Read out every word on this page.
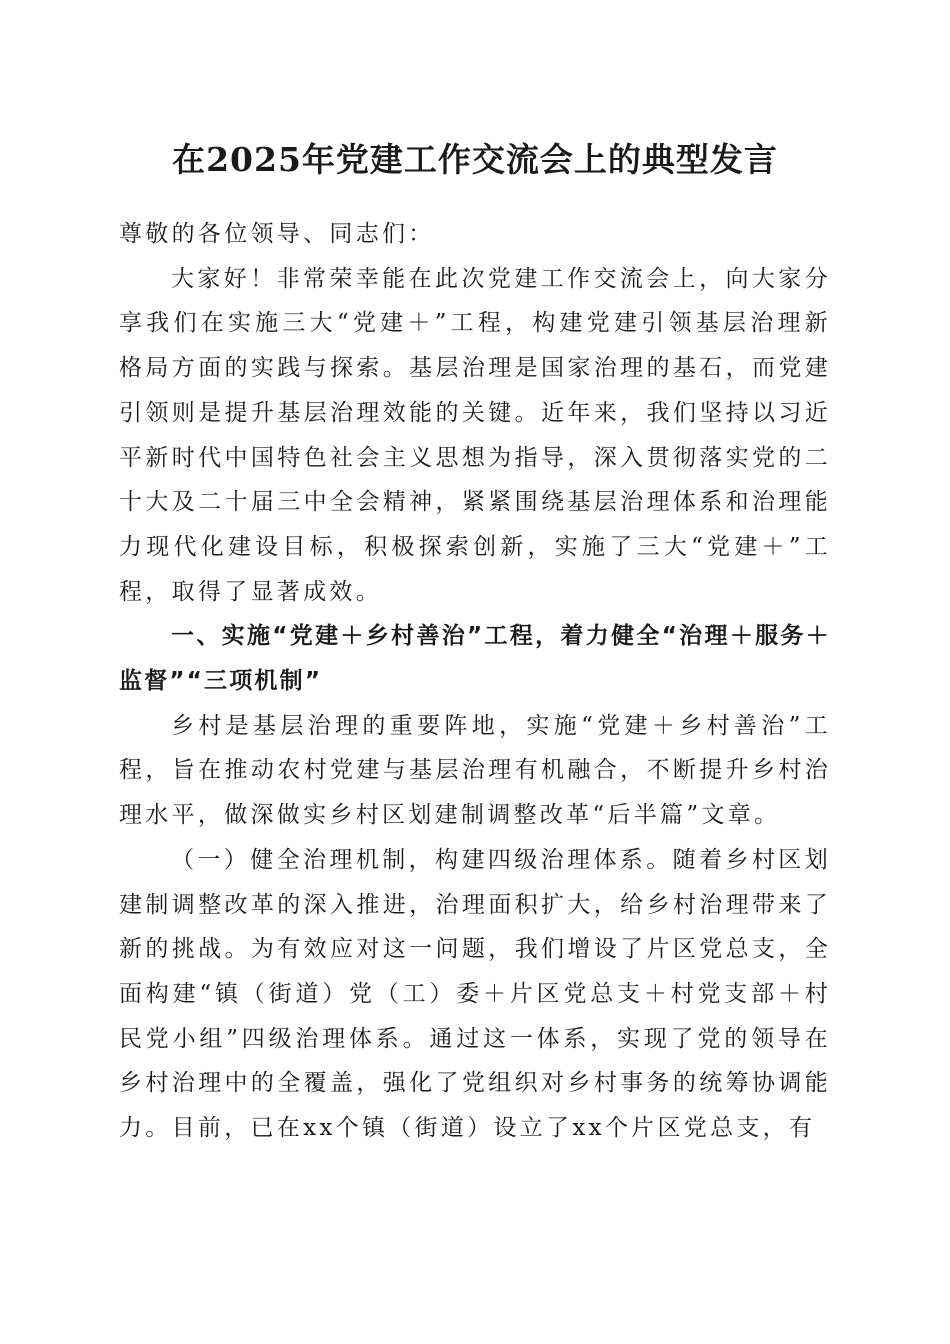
在2025年党建工作交流会上的典型发言

尊敬的各位领导、同志们：

大家好！非常荣幸能在此次党建工作交流会上，向大家分享我们在实施三大“党建＋”工程，构建党建引领基层治理新格局方面的实践与探索。基层治理是国家治理的基石，而党建引领则是提升基层治理效能的关键。近年来，我们坚持以习近平新时代中国特色社会主义思想为指导，深入贯彻落实党的二十大及二十届三中全会精神，紧紧围绕基层治理体系和治理能力现代化建设目标，积极探索创新，实施了三大“党建＋”工程，取得了显著成效。

一、实施“党建＋乡村善治”工程，着力健全“治理＋服务＋监督”“三项机制”

乡村是基层治理的重要阵地，实施“党建＋乡村善治”工程，旨在推动农村党建与基层治理有机融合，不断提升乡村治理水平，做深做实乡村区划建制调整改革“后半篇”文章。

（一）健全治理机制，构建四级治理体系。随着乡村区划建制调整改革的深入推进，治理面积扩大，给乡村治理带来了新的挑战。为有效应对这一问题，我们增设了片区党总支，全面构建“镇（街道）党（工）委＋片区党总支＋村党支部＋村民党小组”四级治理体系。通过这一体系，实现了党的领导在乡村治理中的全覆盖，强化了党组织对乡村事务的统筹协调能力。目前，已在xx个镇（街道）设立了xx个片区党总支，有
